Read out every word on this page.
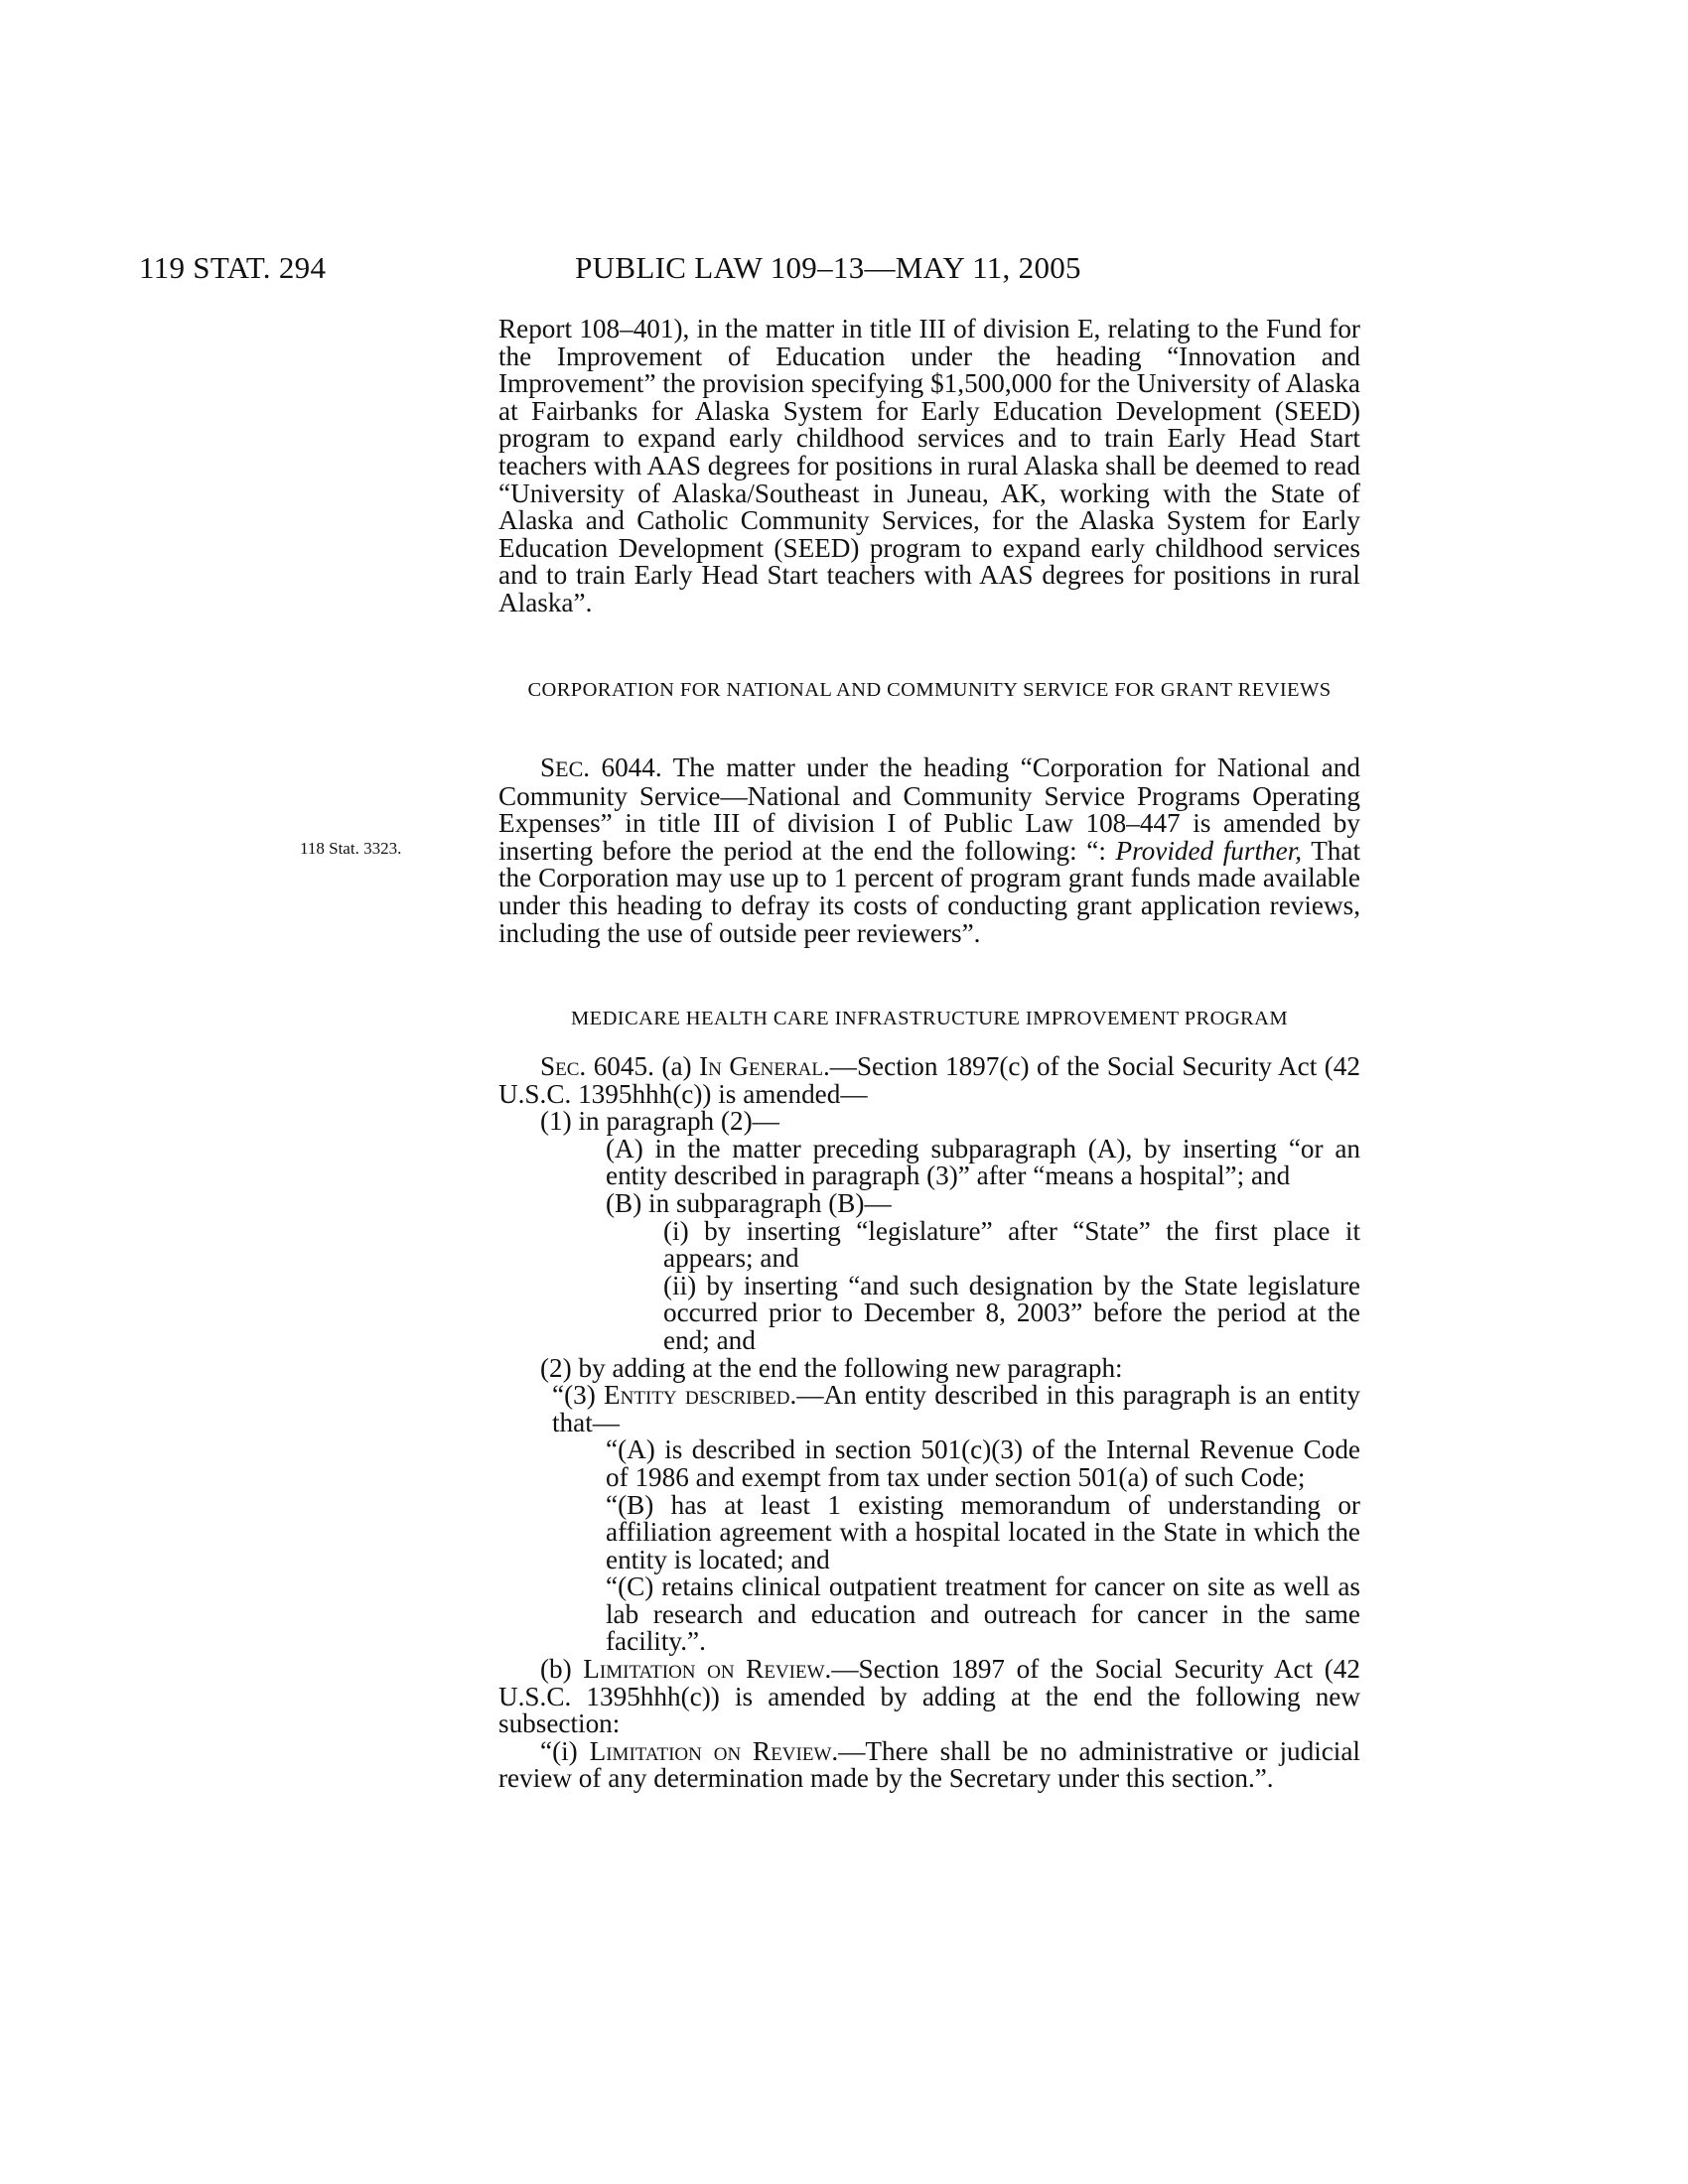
119 STAT. 294	PUBLIC LAW 109–13—MAY 11, 2005

Report 108–401), in the matter in title III of division E, relating to the Fund for the Improvement of Education under the heading “Innovation and Improvement” the provision specifying $1,500,000 for the University of Alaska at Fairbanks for Alaska System for Early Education Development (SEED) program to expand early childhood services and to train Early Head Start teachers with AAS degrees for positions in rural Alaska shall be deemed to read “University of Alaska/Southeast in Juneau, AK, working with the State of Alaska and Catholic Community Services, for the Alaska System for Early Education Development (SEED) program to expand early childhood services and to train Early Head Start teachers with AAS degrees for positions in rural Alaska”.

CORPORATION FOR NATIONAL AND COMMUNITY SERVICE FOR GRANT REVIEWS
118 Stat. 3323.

SEC. 6044. The matter under the heading “Corporation for National and Community Service—National and Community Service Programs Operating Expenses” in title III of division I of Public Law 108–447 is amended by inserting before the period at the end the following: “: Provided further, That the Corporation may use up to 1 percent of program grant funds made available under this heading to defray its costs of conducting grant application reviews, including the use of outside peer reviewers”.

MEDICARE HEALTH CARE INFRASTRUCTURE IMPROVEMENT PROGRAM

Sec. 6045. (a) In General.—Section 1897(c) of the Social Security Act (42 U.S.C. 1395hhh(c)) is amended—

(1) in paragraph (2)—

(A) in the matter preceding subparagraph (A), by inserting “or an entity described in paragraph (3)” after “means a hospital”; and

(B) in subparagraph (B)—

(i) by inserting “legislature” after “State” the first place it appears; and

(ii) by inserting “and such designation by the State legislature occurred prior to December 8, 2003” before the period at the end; and

(2) by adding at the end the following new paragraph:

“(3) Entity described.—An entity described in this paragraph is an entity that—

“(A) is described in section 501(c)(3) of the Internal Revenue Code of 1986 and exempt from tax under section 501(a) of such Code;

“(B) has at least 1 existing memorandum of understanding or affiliation agreement with a hospital located in the State in which the entity is located; and

“(C) retains clinical outpatient treatment for cancer on site as well as lab research and education and outreach for cancer in the same facility.”.

(b) Limitation on Review.—Section 1897 of the Social Security Act (42 U.S.C. 1395hhh(c)) is amended by adding at the end the following new subsection:

“(i) Limitation on Review.—There shall be no administrative or judicial review of any determination made by the Secretary under this section.”.
